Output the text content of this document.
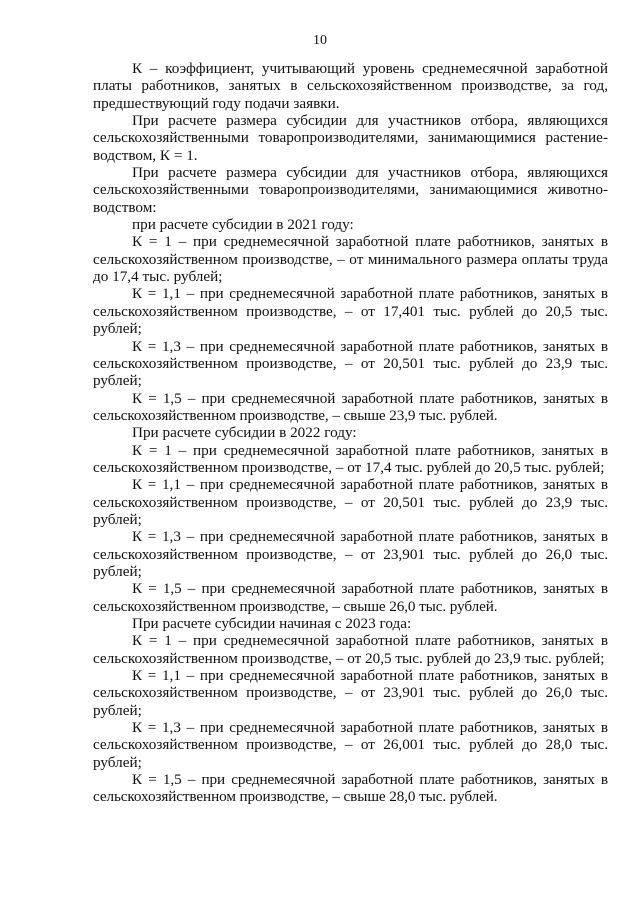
10

К – коэффициент, учитывающий уровень среднемесячной заработной платы работников, занятых в сельскохозяйственном производстве, за год, предшествующий году подачи заявки.

При расчете размера субсидии для участников отбора, являющихся сельскохозяйственными товаропроизводителями, занимающимися растениеводством, К = 1.

При расчете размера субсидии для участников отбора, являющихся сельскохозяйственными товаропроизводителями, занимающимися животноводством:

при расчете субсидии в 2021 году:

К = 1 – при среднемесячной заработной плате работников, занятых в сельскохозяйственном производстве, – от минимального размера оплаты труда до 17,4 тыс. рублей;

К = 1,1 – при среднемесячной заработной плате работников, занятых в сельскохозяйственном производстве, – от 17,401 тыс. рублей до 20,5 тыс. рублей;

К = 1,3 – при среднемесячной заработной плате работников, занятых в сельскохозяйственном производстве, – от 20,501 тыс. рублей до 23,9 тыс. рублей;

К = 1,5 – при среднемесячной заработной плате работников, занятых в сельскохозяйственном производстве, – свыше 23,9 тыс. рублей.

При расчете субсидии в 2022 году:

К = 1 – при среднемесячной заработной плате работников, занятых в сельскохозяйственном производстве, – от 17,4 тыс. рублей до 20,5 тыс. рублей;

К = 1,1 – при среднемесячной заработной плате работников, занятых в сельскохозяйственном производстве, – от 20,501 тыс. рублей до 23,9 тыс. рублей;

К = 1,3 – при среднемесячной заработной плате работников, занятых в сельскохозяйственном производстве, – от 23,901 тыс. рублей до 26,0 тыс. рублей;

К = 1,5 – при среднемесячной заработной плате работников, занятых в сельскохозяйственном производстве, – свыше 26,0 тыс. рублей.

При расчете субсидии начиная с 2023 года:

К = 1 – при среднемесячной заработной плате работников, занятых в сельскохозяйственном производстве, – от 20,5 тыс. рублей до 23,9 тыс. рублей;

К = 1,1 – при среднемесячной заработной плате работников, занятых в сельскохозяйственном производстве, – от 23,901 тыс. рублей до 26,0 тыс. рублей;

К = 1,3 – при среднемесячной заработной плате работников, занятых в сельскохозяйственном производстве, – от 26,001 тыс. рублей до 28,0 тыс. рублей;

К = 1,5 – при среднемесячной заработной плате работников, занятых в сельскохозяйственном производстве, – свыше 28,0 тыс. рублей.
